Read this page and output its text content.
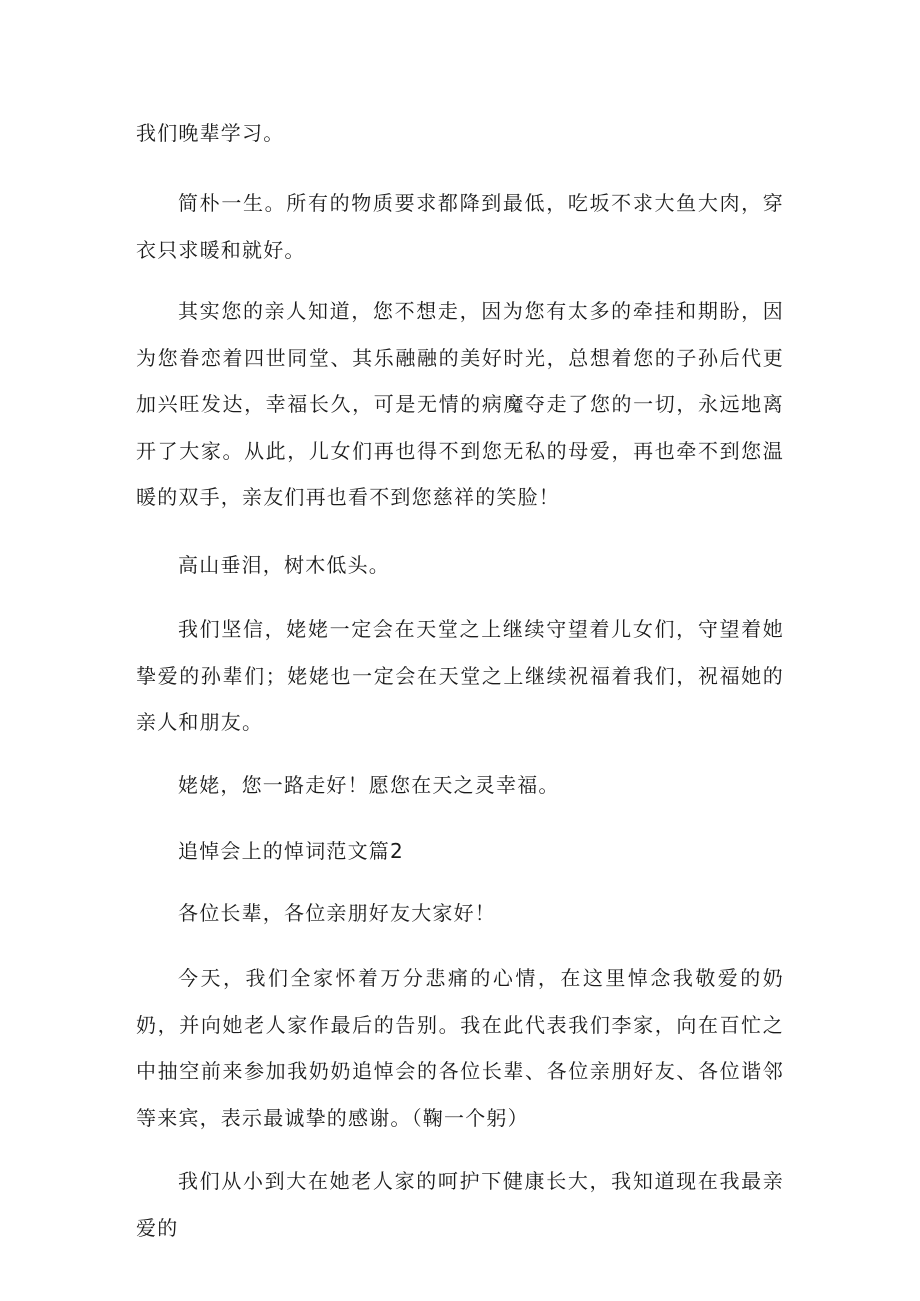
我们晚辈学习。

简朴一生。所有的物质要求都降到最低，吃坂不求大鱼大肉，穿衣只求暖和就好。

其实您的亲人知道，您不想走，因为您有太多的牵挂和期盼，因为您眷恋着四世同堂、其乐融融的美好时光，总想着您的子孙后代更加兴旺发达，幸福长久，可是无情的病魔夺走了您的一切，永远地离开了大家。从此，儿女们再也得不到您无私的母爱，再也牵不到您温暖的双手，亲友们再也看不到您慈祥的笑脸！

高山垂泪，树木低头。

我们坚信，姥姥一定会在天堂之上继续守望着儿女们，守望着她挚爱的孙辈们；姥姥也一定会在天堂之上继续祝福着我们，祝福她的亲人和朋友。

姥姥，您一路走好！愿您在天之灵幸福。

追悼会上的悼词范文篇2

各位长辈，各位亲朋好友大家好！

今天，我们全家怀着万分悲痛的心情，在这里悼念我敬爱的奶奶，并向她老人家作最后的告别。我在此代表我们李家，向在百忙之中抽空前来参加我奶奶追悼会的各位长辈、各位亲朋好友、各位谐邻等来宾，表示最诚挚的感谢。（鞠一个躬）

我们从小到大在她老人家的呵护下健康长大，我知道现在我最亲爱的
